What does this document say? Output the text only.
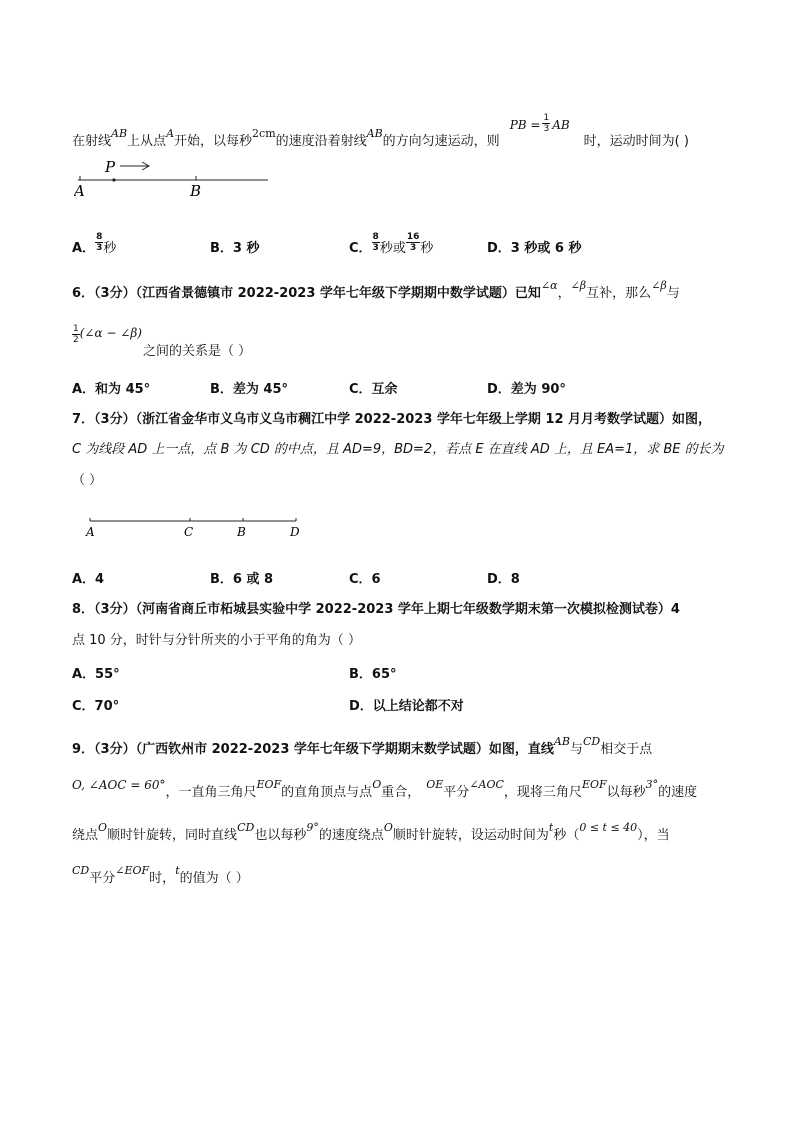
在射线$^{AB}$上从点$^A$开始，以每秒$^{2cm}$的速度沿着射线$^{AB}$的方向匀速运动，则PB = $\frac{1}{3}$ AB时，运动时间为( )
P
A	B
A． $\frac{8}{3}$ 秒	B．3 秒	C． $\frac{8}{3}$ 秒或 $\frac{16}{3}$ 秒	D．3 秒或 6 秒
6．（3分）（江西省景德镇市 2022-2023 学年七年级下学期期中数学试题）已知$^{\angle\alpha}$，$^{\angle\beta}$互补，那么$^{\angle\beta}$与
$\frac{1}{2}$ (∠α − ∠β)
之间的关系是（ ）
A．和为 45°	B．差为 45°	C．互余	D．差为 90°
7．（3分）（浙江省金华市义乌市义乌市稠江中学 2022-2023 学年七年级上学期 12 月月考数学试题）如图，
C 为线段 AD 上一点，点 B 为 CD 的中点，且 AD=9，BD=2，若点 E 在直线 AD 上，且 EA=1，求 BE 的长为
（ ）
A	C	B	D
A．4	B．6 或 8	C．6	D．8
8．（3分）（河南省商丘市柘城县实验中学 2022-2023 学年上期七年级数学期末第一次模拟检测试卷）4
点 10 分，时针与分针所夹的小于平角的角为（ ）
A．55°	B．65°
C．70°	D．以上结论都不对
9．（3分）（广西钦州市 2022-2023 学年七年级下学期期末数学试题）如图，直线$^{AB}$与$^{CD}$相交于点
O, ∠AOC = 60°，一直角三角尺$^{EOF}$的直角顶点与点$^O$重合，$^{OE}$平分$^{\angle AOC}$，现将三角尺$^{EOF}$以每秒$^{3^\circ}$的速度
绕点$^O$顺时针旋转，同时直线$^{CD}$也以每秒$^{9^\circ}$的速度绕点$^O$顺时针旋转，设运动时间为$^t$秒（$^{0 \le t \le 40}$），当
$^{CD}$平分$^{\angle EOF}$时，$^t$的值为（ ）
